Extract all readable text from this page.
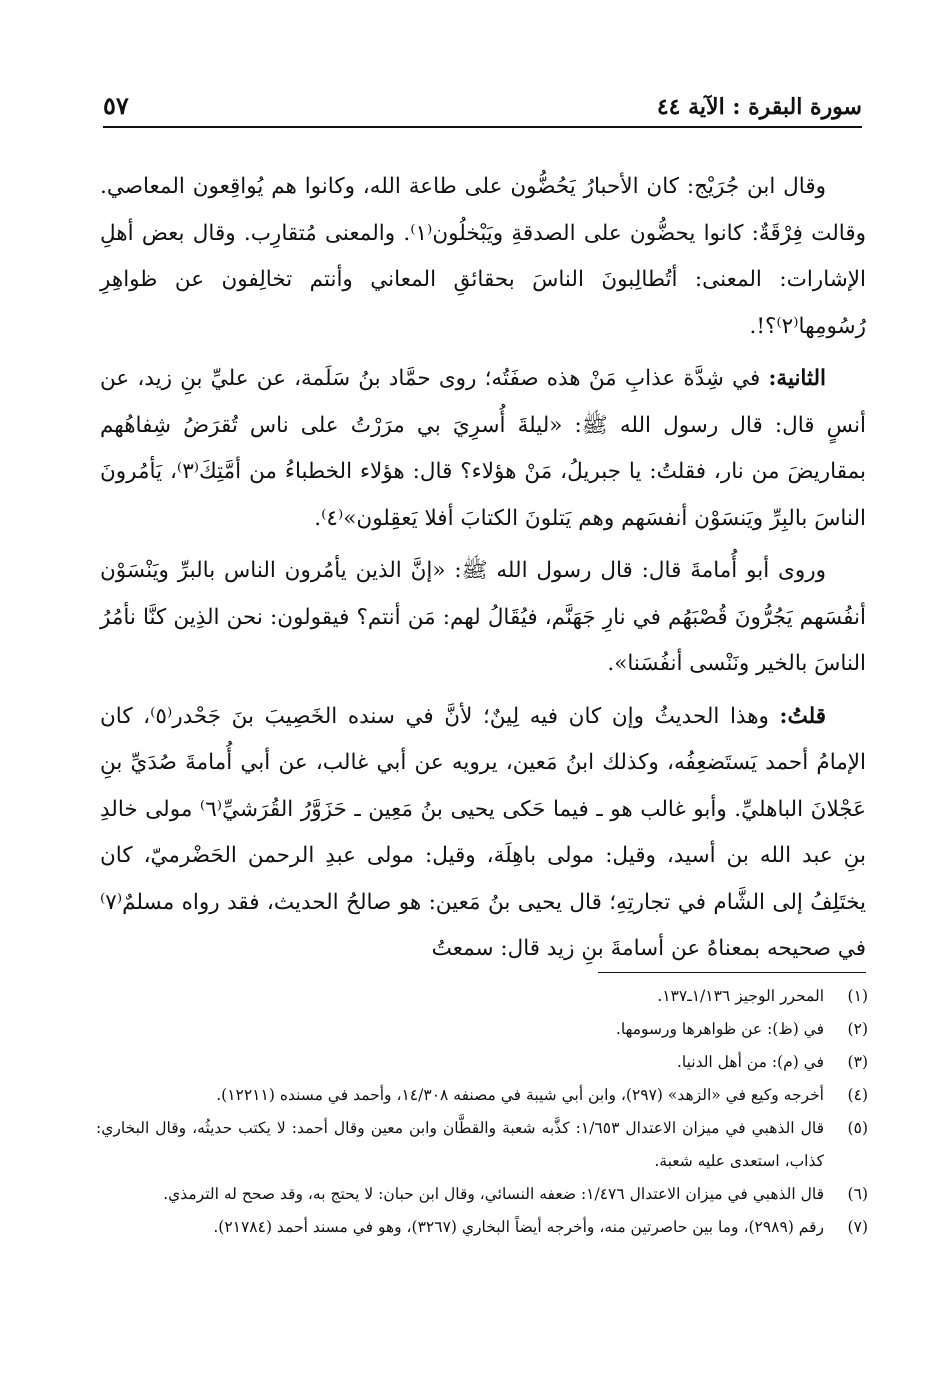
سورة البقرة : الآية ٤٤
٥٧

وقال ابن جُرَيْج: كان الأحبارُ يَحُضُّون على طاعة الله، وكانوا هم يُواقِعون المعاصي. وقالت فِرْقَةٌ: كانوا يحضُّون على الصدقةِ ويَبْخلُون⁽١⁾. والمعنى مُتقارِب. وقال بعض أهلِ الإشارات: المعنى: أتُطالِبونَ الناسَ بحقائقِ المعاني وأنتم تخالِفون عن ظواهِرِ رُسُومِها⁽٢⁾؟!.

الثانية: في شِدَّة عذابِ مَنْ هذه صفَتُه؛ روى حمَّاد بنُ سَلَمة، عن عليِّ بنِ زيد، عن أنسٍ قال: قال رسول الله ﷺ: «ليلةَ أُسرِيَ بي مرَرْتُ على ناس تُقرَضُ شِفاهُهم بمقاريضَ من نار، فقلتُ: يا جبريلُ، مَنْ هؤلاء؟ قال: هؤلاء الخطباءُ من أمَّتِكَ⁽٣⁾، يَأمُرونَ الناسَ بالبِرِّ ويَنسَوْن أنفسَهم وهم يَتلونَ الكتابَ أفلا يَعقِلون»⁽٤⁾.

وروى أبو أُمامةَ قال: قال رسول الله ﷺ: «إنَّ الذين يأمُرون الناس بالبرِّ ويَنْسَوْن أنفُسَهم يَجُرُّونَ قُصْبَهُم في نارِ جَهَنَّم، فيُقَالُ لهم: مَن أنتم؟ فيقولون: نحن الذِين كنَّا نأمُرُ الناسَ بالخير ونَنْسى أنفُسَنا».

قلتُ: وهذا الحديثُ وإن كان فيه لِينٌ؛ لأنَّ في سنده الخَصِيبَ بنَ جَحْدر⁽٥⁾، كان الإمامُ أحمد يَستَضعِفُه، وكذلك ابنُ مَعين، يرويه عن أبي غالب، عن أبي أُمامةَ صُدَيِّ بنِ عَجْلانَ الباهليِّ. وأبو غالب هو ـ فيما حَكى يحيى بنُ مَعِين ـ حَزَوَّرُ القُرَشيِّ⁽٦⁾ مولى خالدِ بنِ عبد الله بن أسيد، وقيل: مولى باهِلَة، وقيل: مولى عبدِ الرحمن الحَضْرميّ، كان يختَلِفُ إلى الشَّام في تجارتِهِ؛ قال يحيى بنُ مَعين: هو صالحُ الحديث، فقد رواه مسلمٌ⁽٧⁾ في صحيحه بمعناهُ عن أسامةَ بنِ زيد قال: سمعتُ

(١)
المحرر الوجيز ١/١٣٦ـ١٣٧.
(٢)
في (ظ): عن ظواهرها ورسومها.
(٣)
في (م): من أهل الدنيا.
(٤)
أخرجه وكيع في «الزهد» (٢٩٧)، وابن أبي شيبة في مصنفه ١٤/٣٠٨، وأحمد في مسنده (١٢٢١١).
(٥)
قال الذهبي في ميزان الاعتدال ١/٦٥٣: كذَّبه شعبة والقطَّان وابن معين وقال أحمد: لا يكتب حديثُه، وقال البخاري: كذاب، استعدى عليه شعبة.
(٦)
قال الذهبي في ميزان الاعتدال ١/٤٧٦: ضعفه النسائي، وقال ابن حبان: لا يحتج به، وقد صحح له الترمذي.
(٧)
رقم (٢٩٨٩)، وما بين حاصرتين منه، وأخرجه أيضاً البخاري (٣٢٦٧)، وهو في مسند أحمد (٢١٧٨٤).
